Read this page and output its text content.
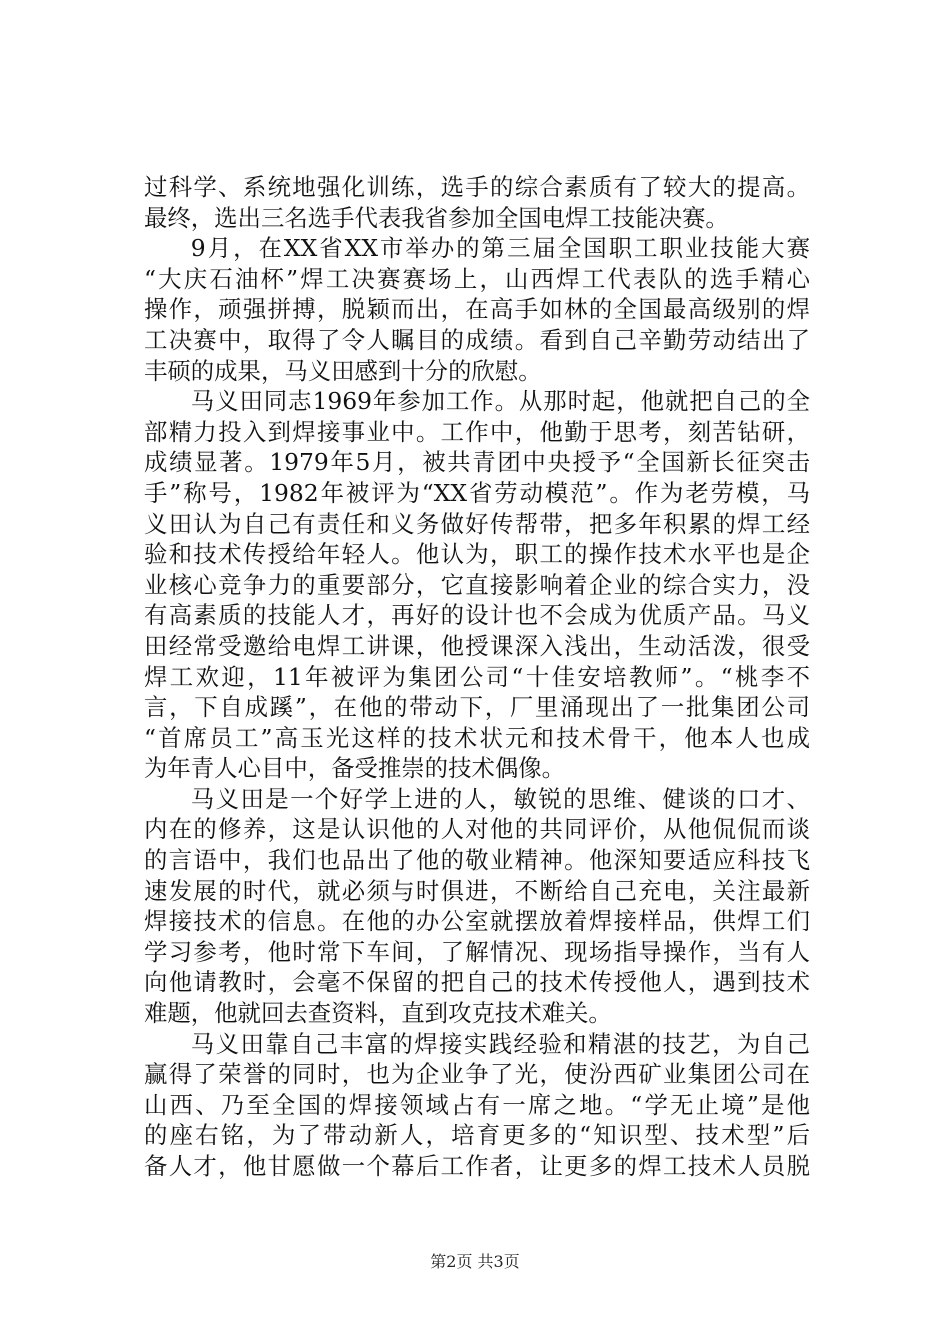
过科学、系统地强化训练，选手的综合素质有了较大的提高。
最终，选出三名选手代表我省参加全国电焊工技能决赛。
9月，在XX省XX市举办的第三届全国职工职业技能大赛
“大庆石油杯”焊工决赛赛场上，山西焊工代表队的选手精心
操作，顽强拼搏，脱颖而出，在高手如林的全国最高级别的焊
工决赛中，取得了令人瞩目的成绩。看到自己辛勤劳动结出了
丰硕的成果，马义田感到十分的欣慰。
马义田同志1969年参加工作。从那时起，他就把自己的全
部精力投入到焊接事业中。工作中，他勤于思考，刻苦钻研，
成绩显著。1979年5月，被共青团中央授予“全国新长征突击
手”称号，1982年被评为“XX省劳动模范”。作为老劳模，马
义田认为自己有责任和义务做好传帮带，把多年积累的焊工经
验和技术传授给年轻人。他认为，职工的操作技术水平也是企
业核心竞争力的重要部分，它直接影响着企业的综合实力，没
有高素质的技能人才，再好的设计也不会成为优质产品。马义
田经常受邀给电焊工讲课，他授课深入浅出，生动活泼，很受
焊工欢迎，11年被评为集团公司“十佳安培教师”。“桃李不
言，下自成蹊”，在他的带动下，厂里涌现出了一批集团公司
“首席员工”高玉光这样的技术状元和技术骨干，他本人也成
为年青人心目中，备受推崇的技术偶像。
马义田是一个好学上进的人，敏锐的思维、健谈的口才、
内在的修养，这是认识他的人对他的共同评价，从他侃侃而谈
的言语中，我们也品出了他的敬业精神。他深知要适应科技飞
速发展的时代，就必须与时俱进，不断给自己充电，关注最新
焊接技术的信息。在他的办公室就摆放着焊接样品，供焊工们
学习参考，他时常下车间，了解情况、现场指导操作，当有人
向他请教时，会毫不保留的把自己的技术传授他人，遇到技术
难题，他就回去查资料，直到攻克技术难关。
马义田靠自己丰富的焊接实践经验和精湛的技艺，为自己
赢得了荣誉的同时，也为企业争了光，使汾西矿业集团公司在
山西、乃至全国的焊接领域占有一席之地。“学无止境”是他
的座右铭，为了带动新人，培育更多的“知识型、技术型”后
备人才，他甘愿做一个幕后工作者，让更多的焊工技术人员脱
第2页 共3页
